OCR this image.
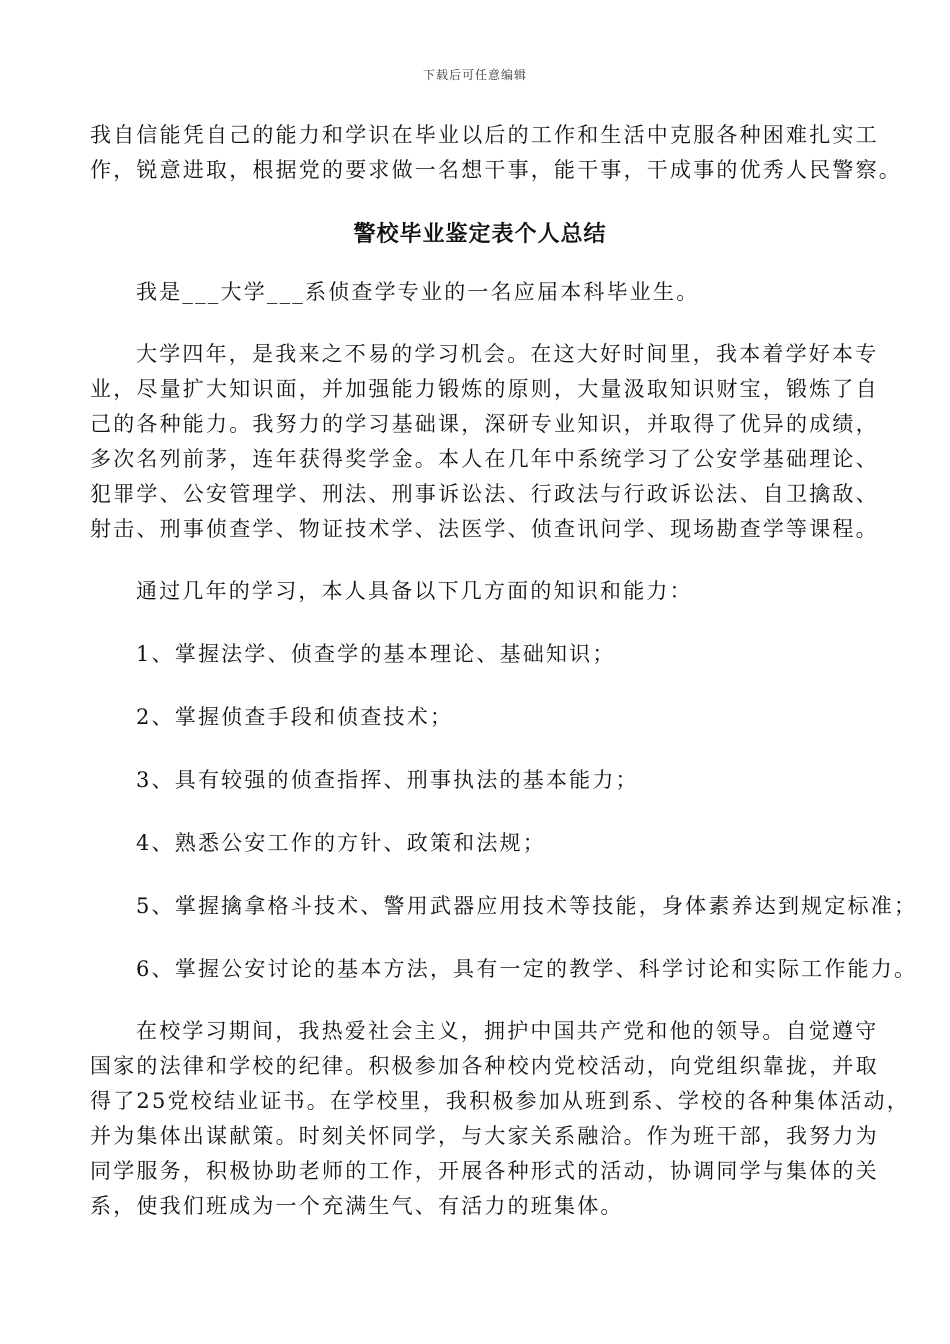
下载后可任意编辑
我自信能凭自己的能力和学识在毕业以后的工作和生活中克服各种困难扎实工
作，锐意进取，根据党的要求做一名想干事，能干事，干成事的优秀人民警察。
警校毕业鉴定表个人总结
我是___大学___系侦查学专业的一名应届本科毕业生。
大学四年，是我来之不易的学习机会。在这大好时间里，我本着学好本专
业，尽量扩大知识面，并加强能力锻炼的原则，大量汲取知识财宝，锻炼了自
己的各种能力。我努力的学习基础课，深研专业知识，并取得了优异的成绩，
多次名列前茅，连年获得奖学金。本人在几年中系统学习了公安学基础理论、
犯罪学、公安管理学、刑法、刑事诉讼法、行政法与行政诉讼法、自卫擒敌、
射击、刑事侦查学、物证技术学、法医学、侦查讯问学、现场勘查学等课程。
通过几年的学习，本人具备以下几方面的知识和能力：
1、掌握法学、侦查学的基本理论、基础知识；
2、掌握侦查手段和侦查技术；
3、具有较强的侦查指挥、刑事执法的基本能力；
4、熟悉公安工作的方针、政策和法规；
5、掌握擒拿格斗技术、警用武器应用技术等技能，身体素养达到规定标准；
6、掌握公安讨论的基本方法，具有一定的教学、科学讨论和实际工作能力。
在校学习期间，我热爱社会主义，拥护中国共产党和他的领导。自觉遵守
国家的法律和学校的纪律。积极参加各种校内党校活动，向党组织靠拢，并取
得了25党校结业证书。在学校里，我积极参加从班到系、学校的各种集体活动，
并为集体出谋献策。时刻关怀同学，与大家关系融洽。作为班干部，我努力为
同学服务，积极协助老师的工作，开展各种形式的活动，协调同学与集体的关
系，使我们班成为一个充满生气、有活力的班集体。
